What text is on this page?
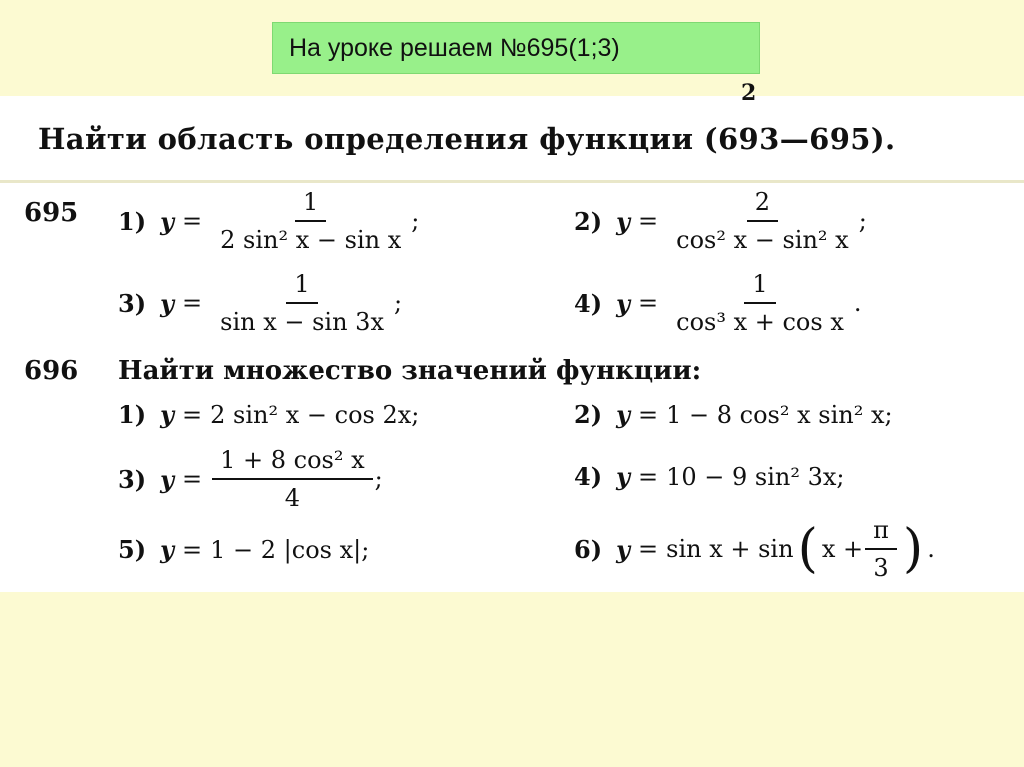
На уроке решаем №695(1;3)
2
Найти область определения функции (693—695).
695 1) $y = \frac{1}{\text{2 sin² x − sin x}}$ ;	2) $y = \frac{2}{\text{cos² x − sin² x}}$ ;
3) $y = \frac{1}{\text{sin x − sin 3x}}$ ;	4) $y = \frac{1}{\text{cos³ x + cos x}}$ .
696 Найти множество значений функции:
1) y = 2 sin² x − cos 2x;	2) y = 1 − 8 cos² x sin² x;
3) $y = \frac{\text{1 + 8 cos² x}}{4}$ ;	4) y = 10 − 9 sin² 3x;
5) y = 1 − 2 |cos x|;	6) y = sin x + sin ( $x + \frac{\pi}{3}$ ) .
